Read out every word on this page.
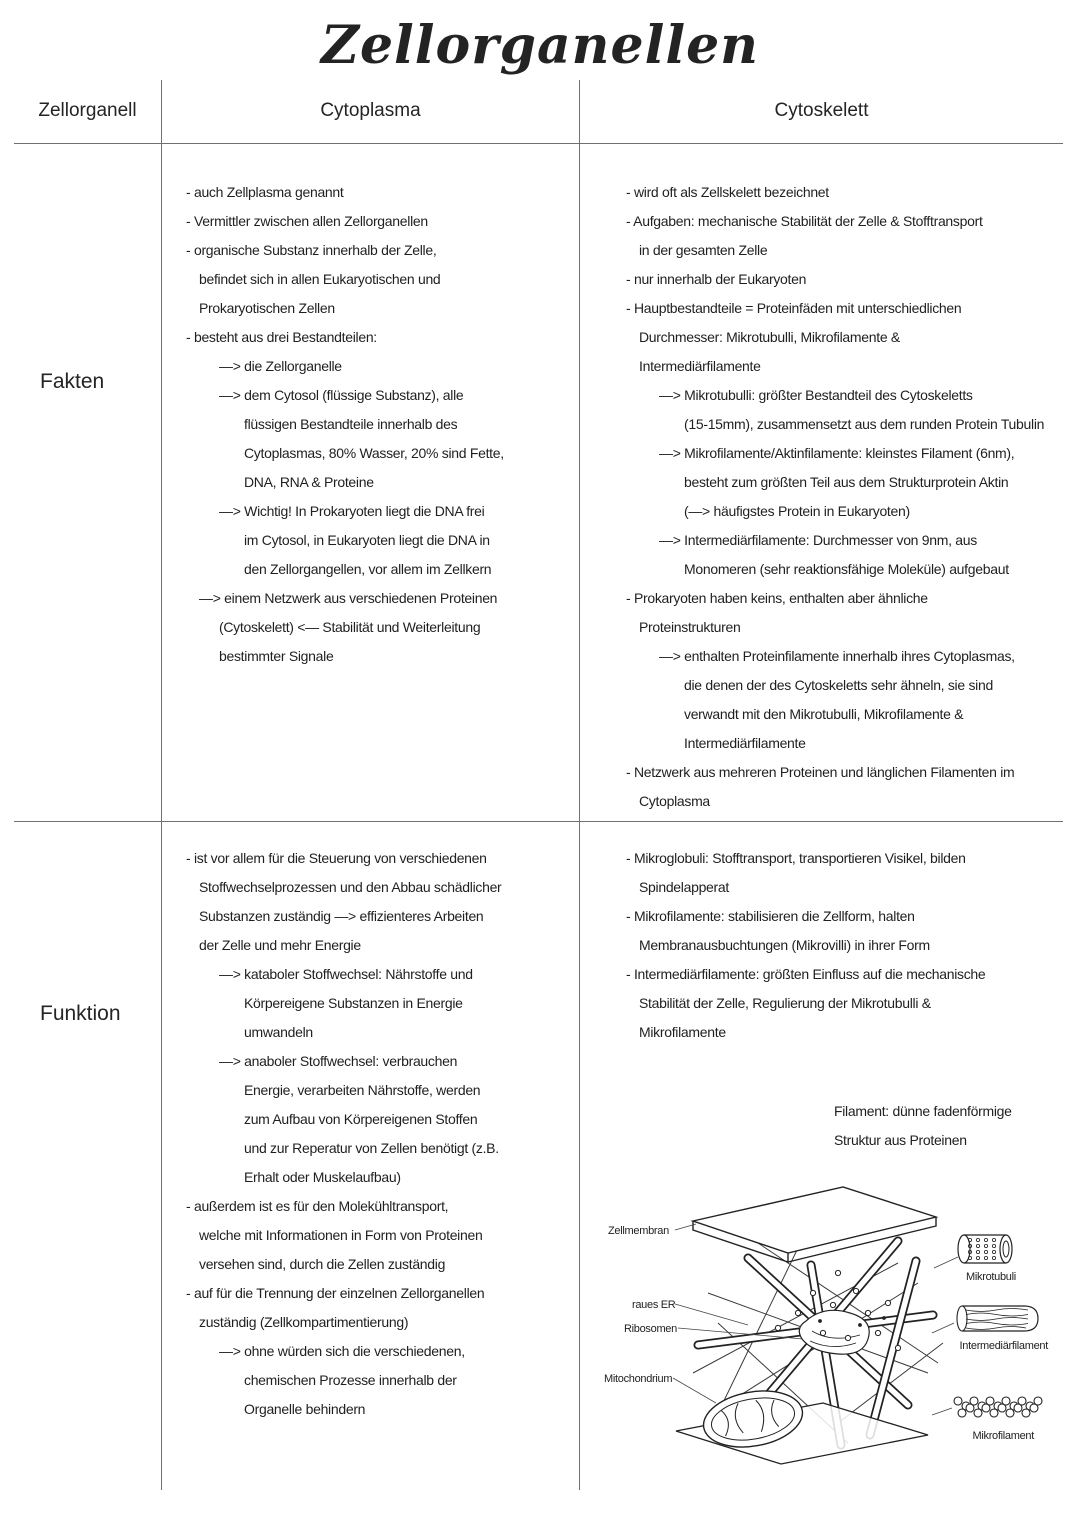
Zellorganellen
Zellorganell	Cytoplasma	Cytoskelett
Fakten
- auch Zellplasma genannt
- Vermittler zwischen allen Zellorganellen
- organische Substanz innerhalb der Zelle,
befindet sich in allen Eukaryotischen und
Prokaryotischen Zellen
- besteht aus drei Bestandteilen:
—> die Zellorganelle
—> dem Cytosol (flüssige Substanz), alle
flüssigen Bestandteile innerhalb des
Cytoplasmas, 80% Wasser, 20% sind Fette,
DNA, RNA & Proteine
—> Wichtig! In Prokaryoten liegt die DNA frei
im Cytosol, in Eukaryoten liegt die DNA in
den Zellorgangellen, vor allem im Zellkern
—> einem Netzwerk aus verschiedenen Proteinen
(Cytoskelett) <— Stabilität und Weiterleitung
bestimmter Signale
- wird oft als Zellskelett bezeichnet
- Aufgaben: mechanische Stabilität der Zelle & Stofftransport
in der gesamten Zelle
- nur innerhalb der Eukaryoten
- Hauptbestandteile = Proteinfäden mit unterschiedlichen
Durchmesser: Mikrotubulli, Mikrofilamente &
Intermediärfilamente
—> Mikrotubulli: größter Bestandteil des Cytoskeletts
(15-15mm), zusammensetzt aus dem runden Protein Tubulin
—> Mikrofilamente/Aktinfilamente: kleinstes Filament (6nm),
besteht zum größten Teil aus dem Strukturprotein Aktin
(—> häufigstes Protein in Eukaryoten)
—> Intermediärfilamente: Durchmesser von 9nm, aus
Monomeren (sehr reaktionsfähige Moleküle) aufgebaut
- Prokaryoten haben keins, enthalten aber ähnliche
Proteinstrukturen
—> enthalten Proteinfilamente innerhalb ihres Cytoplasmas,
die denen der des Cytoskeletts sehr ähneln, sie sind
verwandt mit den Mikrotubulli, Mikrofilamente &
Intermediärfilamente
- Netzwerk aus mehreren Proteinen und länglichen Filamenten im
Cytoplasma
Funktion
- ist vor allem für die Steuerung von verschiedenen
Stoffwechselprozessen und den Abbau schädlicher
Substanzen zuständig —> effizienteres Arbeiten
der Zelle und mehr Energie
—> kataboler Stoffwechsel: Nährstoffe und
Körpereigene Substanzen in Energie
umwandeln
—> anaboler Stoffwechsel: verbrauchen
Energie, verarbeiten Nährstoffe, werden
zum Aufbau von Körpereigenen Stoffen
und zur Reperatur von Zellen benötigt (z.B.
Erhalt oder Muskelaufbau)
- außerdem ist es für den Molekühltransport,
welche mit Informationen in Form von Proteinen
versehen sind, durch die Zellen zuständig
- auf für die Trennung der einzelnen Zellorganellen
zuständig (Zellkompartimentierung)
—> ohne würden sich die verschiedenen,
chemischen Prozesse innerhalb der
Organelle behindern
- Mikroglobuli: Stofftransport, transportieren Visikel, bilden
Spindelapperat
- Mikrofilamente: stabilisieren die Zellform, halten
Membranausbuchtungen (Mikrovilli) in ihrer Form
- Intermediärfilamente: größten Einfluss auf die mechanische
Stabilität der Zelle, Regulierung der Mikrotubulli &
Mikrofilamente
Filament: dünne fadenförmige
Struktur aus Proteinen
Zellmembran
raues ER
Ribosomen
Mitochondrium
Mikrotubuli
Intermediärfilament
Mikrofilament
